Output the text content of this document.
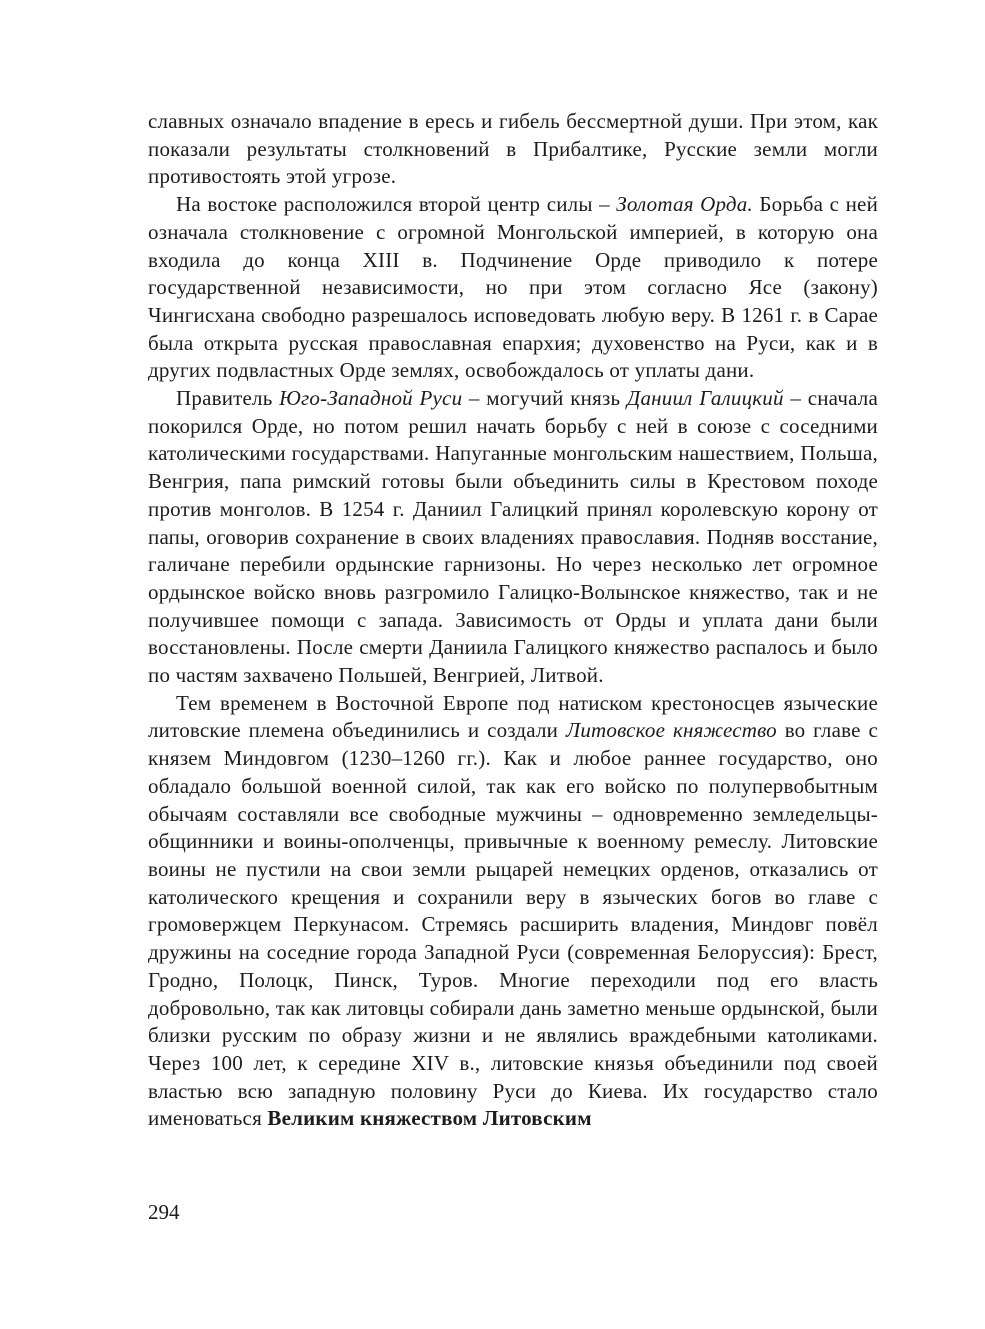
славных означало впадение в ересь и гибель бессмертной души. При этом, как показали результаты столкновений в Прибалтике, Русские земли могли противостоять этой угрозе.

На востоке расположился второй центр силы – Золотая Орда. Борьба с ней означала столкновение с огромной Монгольской империей, в которую она входила до конца XIII в. Подчинение Орде приводило к потере государственной независимости, но при этом согласно Ясе (закону) Чингисхана свободно разрешалось исповедовать любую веру. В 1261 г. в Сарае была открыта русская православная епархия; духовенство на Руси, как и в других подвластных Орде землях, освобождалось от уплаты дани.

Правитель Юго-Западной Руси – могучий князь Даниил Галицкий – сначала покорился Орде, но потом решил начать борьбу с ней в союзе с соседними католическими государствами. Напуганные монгольским нашествием, Польша, Венгрия, папа римский готовы были объединить силы в Крестовом походе против монголов. В 1254 г. Даниил Галицкий принял королевскую корону от папы, оговорив сохранение в своих владениях православия. Подняв восстание, галичане перебили ордынские гарнизоны. Но через несколько лет огромное ордынское войско вновь разгромило Галицко-Волынское княжество, так и не получившее помощи с запада. Зависимость от Орды и уплата дани были восстановлены. После смерти Даниила Галицкого княжество распалось и было по частям захвачено Польшей, Венгрией, Литвой.

Тем временем в Восточной Европе под натиском крестоносцев языческие литовские племена объединились и создали Литовское княжество во главе с князем Миндовгом (1230–1260 гг.). Как и любое раннее государство, оно обладало большой военной силой, так как его войско по полупервобытным обычаям составляли все свободные мужчины – одновременно земледельцы-общинники и воины-ополченцы, привычные к военному ремеслу. Литовские воины не пустили на свои земли рыцарей немецких орденов, отказались от католического крещения и сохранили веру в языческих богов во главе с громовержцем Перкунасом. Стремясь расширить владения, Миндовг повёл дружины на соседние города Западной Руси (современная Белоруссия): Брест, Гродно, Полоцк, Пинск, Туров. Многие переходили под его власть добровольно, так как литовцы собирали дань заметно меньше ордынской, были близки русским по образу жизни и не являлись враждебными католиками. Через 100 лет, к середине XIV в., литовские князья объединили под своей властью всю западную половину Руси до Киева. Их государство стало именоваться Великим княжеством Литовским

294
